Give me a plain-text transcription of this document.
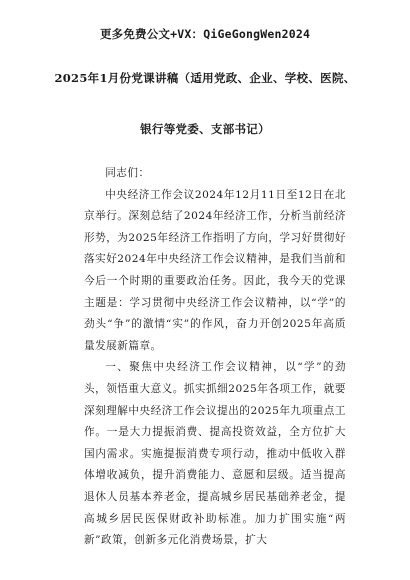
更多免费公文+VX：QiGeGongWen2024
2025年1月份党课讲稿（适用党政、企业、学校、医院、
银行等党委、支部书记）

同志们：

中央经济工作会议2024年12月11日至12日在北京举行。深刻总结了2024年经济工作，分析当前经济形势，为2025年经济工作指明了方向，学习好贯彻好落实好2024年中央经济工作会议精神，是我们当前和今后一个时期的重要政治任务。因此，我今天的党课主题是：学习贯彻中央经济工作会议精神，以“学”的劲头“争”的激情“实”的作风，奋力开创2025年高质量发展新篇章。

一、聚焦中央经济工作会议精神，以“学”的劲头，领悟重大意义。抓实抓细2025年各项工作，就要深刻理解中央经济工作会议提出的2025年九项重点工作。一是大力提振消费、提高投资效益，全方位扩大国内需求。实施提振消费专项行动，推动中低收入群体增收减负，提升消费能力、意愿和层级。适当提高退休人员基本养老金，提高城乡居民基础养老金，提高城乡居民医保财政补助标准。加力扩围实施“两新”政策，创新多元化消费场景，扩大
